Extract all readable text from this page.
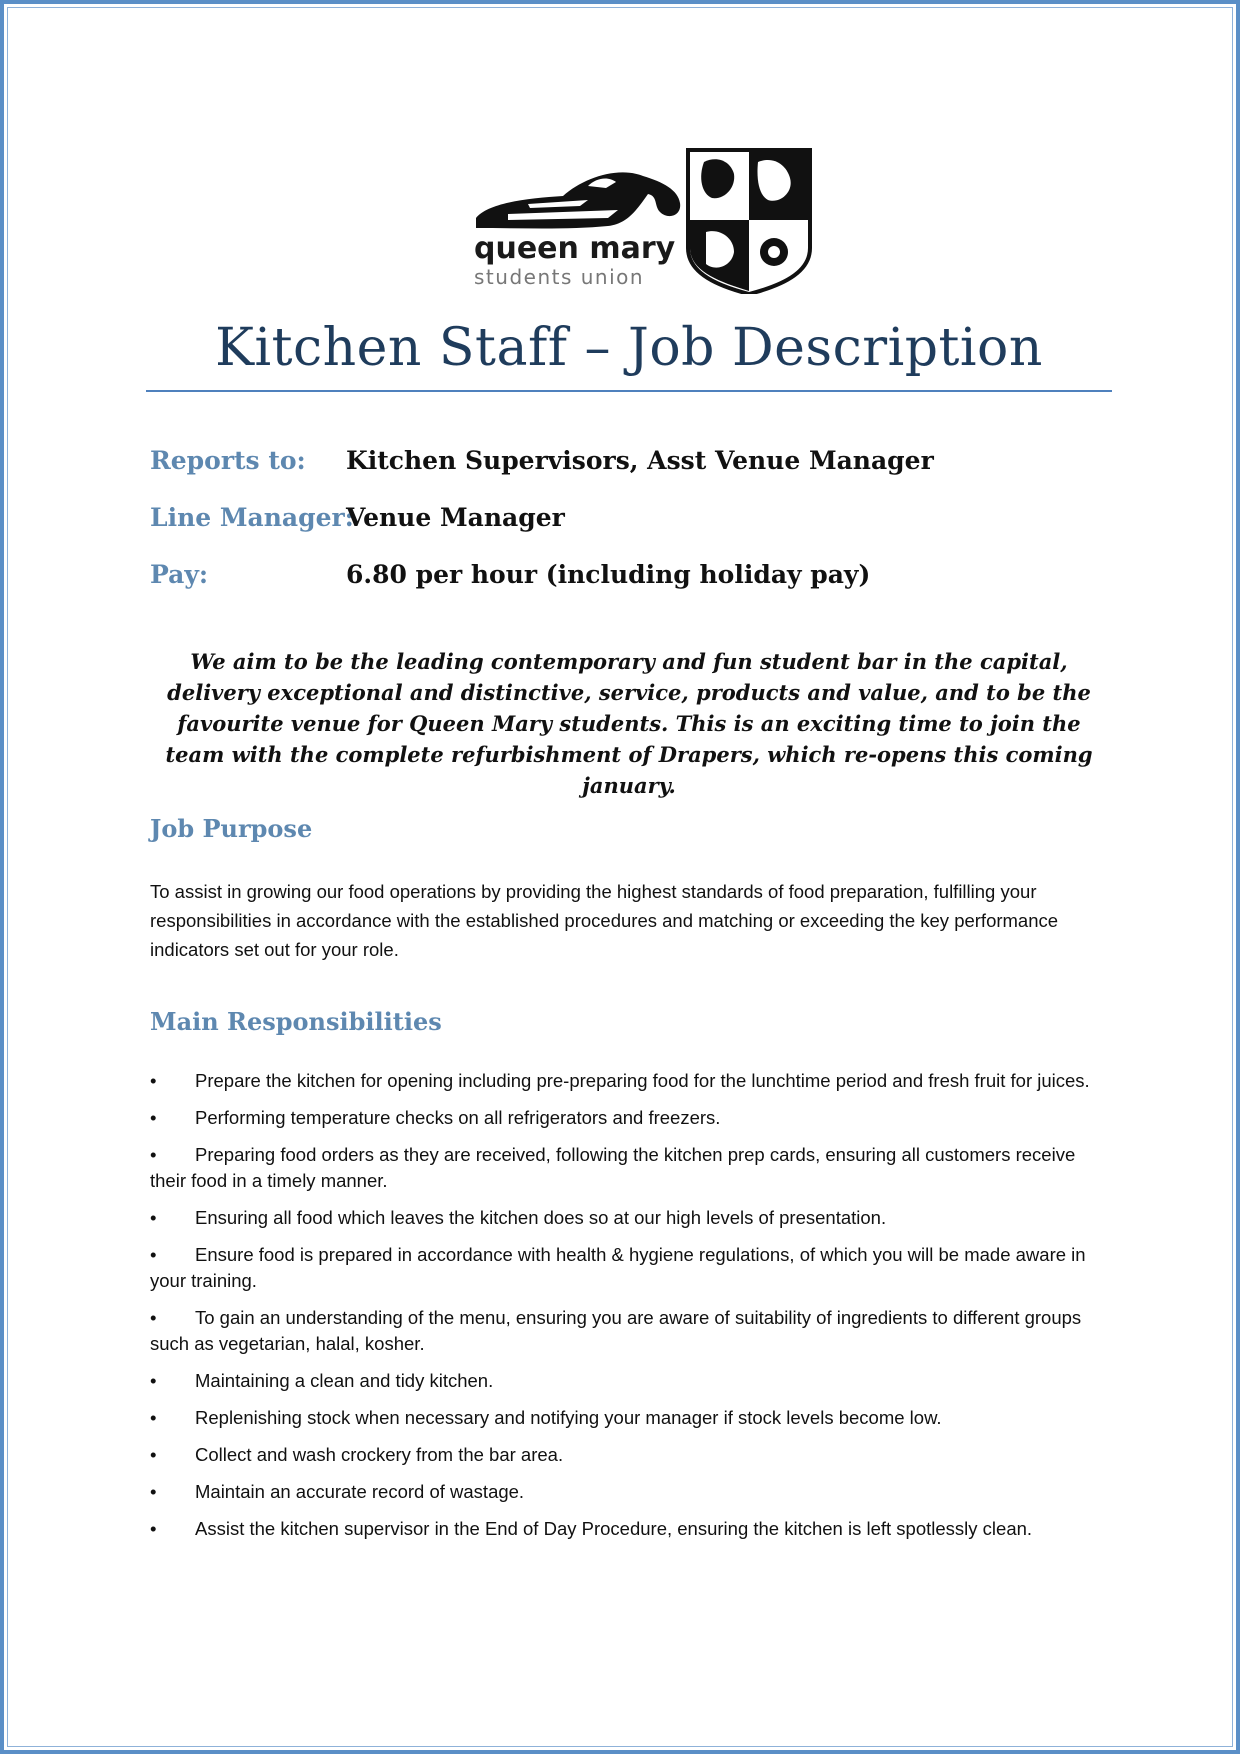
queen mary
students union
Kitchen Staff – Job Description
Reports to: Kitchen Supervisors, Asst Venue Manager
Line Manager:
Venue Manager
Pay:	6.80 per hour (including holiday pay)
We aim to be the leading contemporary and fun student bar in the capital, delivery exceptional and distinctive, service, products and value, and to be the favourite venue for Queen Mary students. This is an exciting time to join the team with the complete refurbishment of Drapers, which re-opens this coming january.
Job Purpose
To assist in growing our food operations by providing the highest standards of food preparation, fulfilling your responsibilities in accordance with the established procedures and matching or exceeding the key performance indicators set out for your role.
Main Responsibilities
• Prepare the kitchen for opening including pre-preparing food for the lunchtime period and fresh fruit for juices.
• Performing temperature checks on all refrigerators and freezers.
• Preparing food orders as they are received, following the kitchen prep cards, ensuring all customers receive their food in a timely manner.
• Ensuring all food which leaves the kitchen does so at our high levels of presentation.
• Ensure food is prepared in accordance with health & hygiene regulations, of which you will be made aware in your training.
• To gain an understanding of the menu, ensuring you are aware of suitability of ingredients to different groups such as vegetarian, halal, kosher.
• Maintaining a clean and tidy kitchen.
• Replenishing stock when necessary and notifying your manager if stock levels become low.
• Collect and wash crockery from the bar area.
• Maintain an accurate record of wastage.
• Assist the kitchen supervisor in the End of Day Procedure, ensuring the kitchen is left spotlessly clean.
